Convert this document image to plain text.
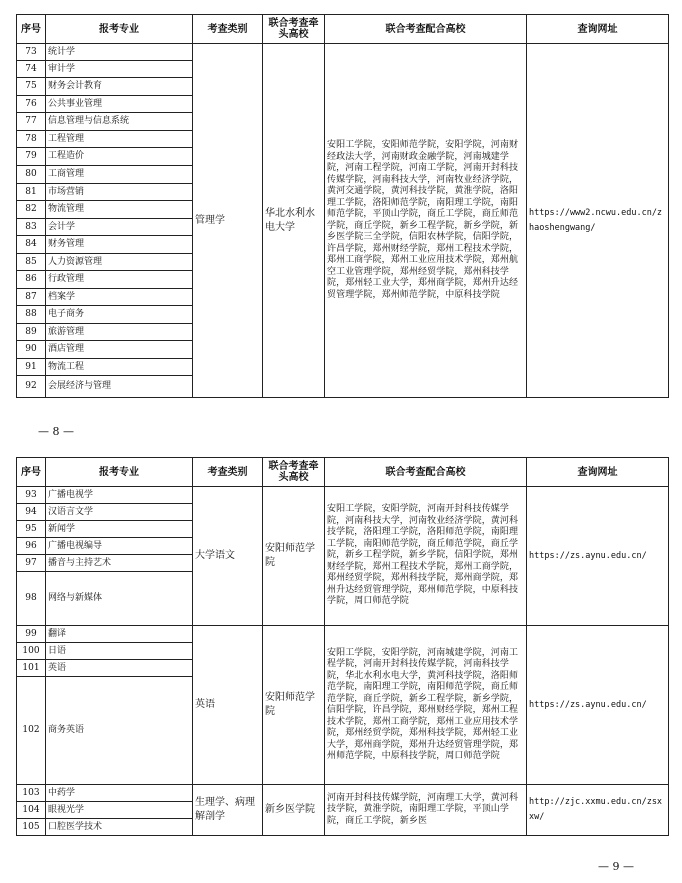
序号	报考专业	考查类别	联合考查牵头高校	联合考查配合高校	查询网址
73	统计学	管理学	华北水利水电大学	安阳工学院，安阳师范学院，安阳学院，河南财经政法大学，河南财政金融学院，河南城建学院，河南工程学院，河南工学院，河南开封科技传媒学院，河南科技大学，河南牧业经济学院，黄河交通学院，黄河科技学院，黄淮学院，洛阳理工学院，洛阳师范学院，南阳理工学院，南阳师范学院，平顶山学院，商丘工学院，商丘师范学院，商丘学院，新乡工程学院，新乡学院，新乡医学院三全学院，信阳农林学院，信阳学院，许昌学院，郑州财经学院，郑州工程技术学院，郑州工商学院，郑州工业应用技术学院，郑州航空工业管理学院，郑州经贸学院，郑州科技学院，郑州轻工业大学，郑州商学院，郑州升达经贸管理学院，郑州师范学院，中原科技学院	https://www2.ncwu.edu.cn/zhaoshengwang/
74	审计学				
75	财务会计教育				
76	公共事业管理				
77	信息管理与信息系统				
78	工程管理				
79	工程造价				
80	工商管理				
81	市场营销				
82	物流管理				
83	会计学				
84	财务管理				
85	人力资源管理				
86	行政管理				
87	档案学				
88	电子商务				
89	旅游管理				
90	酒店管理				
91	物流工程				
92	会展经济与管理				
— 8 —
序号	报考专业	考查类别	联合考查牵头高校	联合考查配合高校	查询网址
93	广播电视学	大学语文	安阳师范学院	安阳工学院，安阳学院，河南开封科技传媒学院，河南科技大学，河南牧业经济学院，黄河科技学院，洛阳理工学院，洛阳师范学院，南阳理工学院，南阳师范学院，商丘师范学院，商丘学院，新乡工程学院，新乡学院，信阳学院，郑州财经学院，郑州工程技术学院，郑州工商学院，郑州经贸学院，郑州科技学院，郑州商学院，郑州升达经贸管理学院，郑州师范学院，中原科技学院，周口师范学院	https://zs.aynu.edu.cn/
94	汉语言文学				
95	新闻学				
96	广播电视编导				
97	播音与主持艺术				
98	网络与新媒体				
99	翻译	英语	安阳师范学院	安阳工学院，安阳学院，河南城建学院，河南工程学院，河南开封科技传媒学院，河南科技学院，华北水利水电大学，黄河科技学院，洛阳师范学院，南阳理工学院，南阳师范学院，商丘师范学院，商丘学院，新乡工程学院，新乡学院，信阳学院，许昌学院，郑州财经学院，郑州工程技术学院，郑州工商学院，郑州工业应用技术学院，郑州经贸学院，郑州科技学院，郑州轻工业大学，郑州商学院，郑州升达经贸管理学院，郑州师范学院，中原科技学院，周口师范学院	https://zs.aynu.edu.cn/
100	日语				
101	英语				
102	商务英语				
103	中药学	生理学、病理解剖学	新乡医学院	河南开封科技传媒学院，河南理工大学，黄河科技学院，黄淮学院，南阳理工学院，平顶山学院，商丘工学院，新乡医	http://zjc.xxmu.edu.cn/zsxxw/
104	眼视光学				
105	口腔医学技术				
— 9 —
